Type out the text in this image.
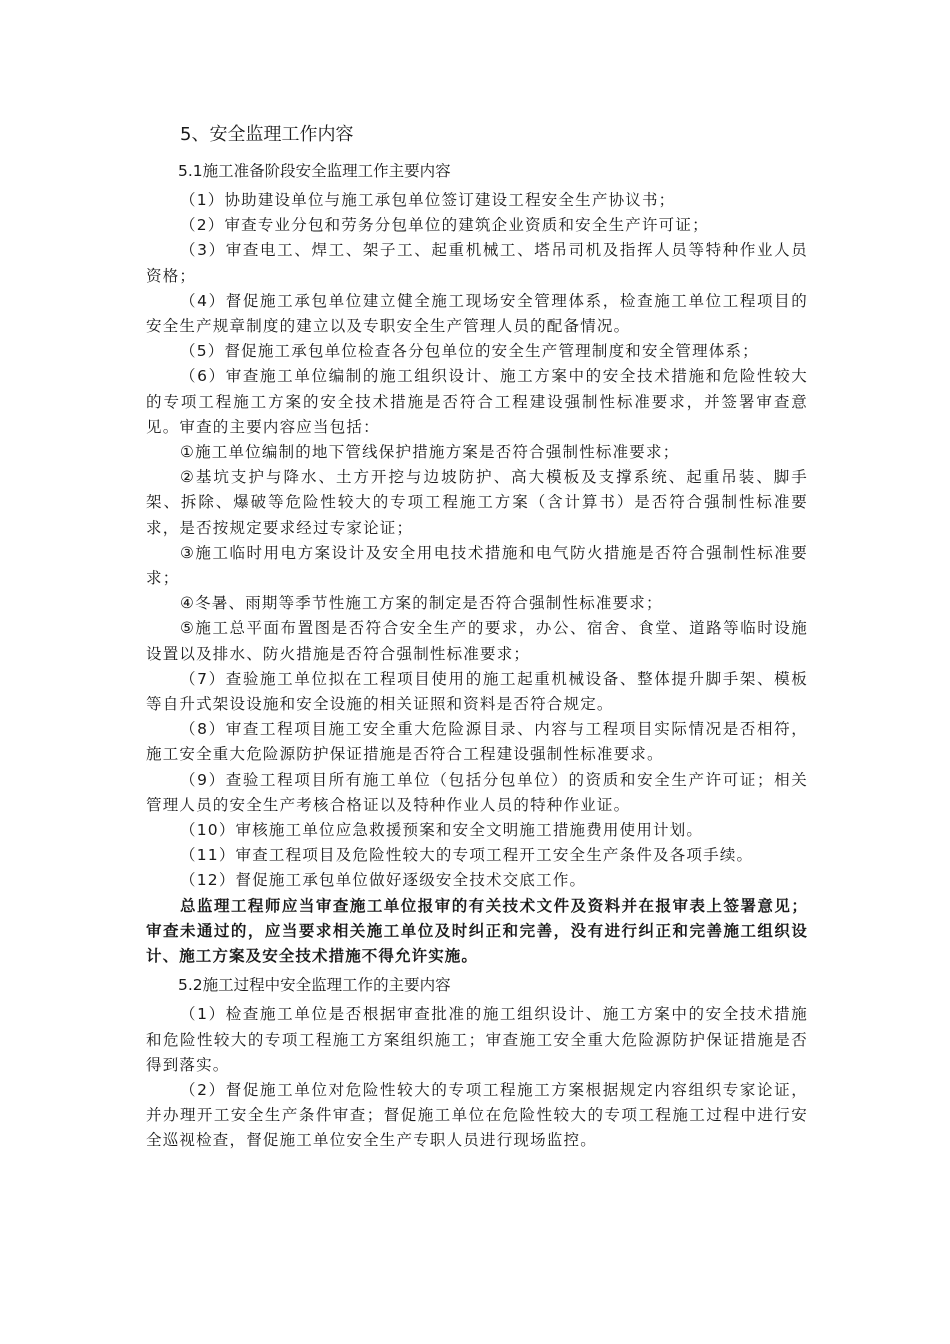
5、安全监理工作内容
5.1施工准备阶段安全监理工作主要内容

（1）协助建设单位与施工承包单位签订建设工程安全生产协议书；

（2）审查专业分包和劳务分包单位的建筑企业资质和安全生产许可证；

（3）审查电工、焊工、架子工、起重机械工、塔吊司机及指挥人员等特种作业人员资格；

（4）督促施工承包单位建立健全施工现场安全管理体系，检查施工单位工程项目的安全生产规章制度的建立以及专职安全生产管理人员的配备情况。

（5）督促施工承包单位检查各分包单位的安全生产管理制度和安全管理体系；

（6）审查施工单位编制的施工组织设计、施工方案中的安全技术措施和危险性较大的专项工程施工方案的安全技术措施是否符合工程建设强制性标准要求，并签署审查意见。审查的主要内容应当包括：

①施工单位编制的地下管线保护措施方案是否符合强制性标准要求；

②基坑支护与降水、土方开挖与边坡防护、高大模板及支撑系统、起重吊装、脚手架、拆除、爆破等危险性较大的专项工程施工方案（含计算书）是否符合强制性标准要求，是否按规定要求经过专家论证；

③施工临时用电方案设计及安全用电技术措施和电气防火措施是否符合强制性标准要求；

④冬暑、雨期等季节性施工方案的制定是否符合强制性标准要求；

⑤施工总平面布置图是否符合安全生产的要求，办公、宿舍、食堂、道路等临时设施设置以及排水、防火措施是否符合强制性标准要求；

（7）查验施工单位拟在工程项目使用的施工起重机械设备、整体提升脚手架、模板等自升式架设设施和安全设施的相关证照和资料是否符合规定。

（8）审查工程项目施工安全重大危险源目录、内容与工程项目实际情况是否相符，施工安全重大危险源防护保证措施是否符合工程建设强制性标准要求。

（9）查验工程项目所有施工单位（包括分包单位）的资质和安全生产许可证；相关管理人员的安全生产考核合格证以及特种作业人员的特种作业证。

（10）审核施工单位应急救援预案和安全文明施工措施费用使用计划。

（11）审查工程项目及危险性较大的专项工程开工安全生产条件及各项手续。

（12）督促施工承包单位做好逐级安全技术交底工作。

总监理工程师应当审查施工单位报审的有关技术文件及资料并在报审表上签署意见；审查未通过的，应当要求相关施工单位及时纠正和完善，没有进行纠正和完善施工组织设计、施工方案及安全技术措施不得允许实施。

5.2施工过程中安全监理工作的主要内容

（1）检查施工单位是否根据审查批准的施工组织设计、施工方案中的安全技术措施和危险性较大的专项工程施工方案组织施工；审查施工安全重大危险源防护保证措施是否得到落实。

（2）督促施工单位对危险性较大的专项工程施工方案根据规定内容组织专家论证，并办理开工安全生产条件审查；督促施工单位在危险性较大的专项工程施工过程中进行安全巡视检查，督促施工单位安全生产专职人员进行现场监控。
